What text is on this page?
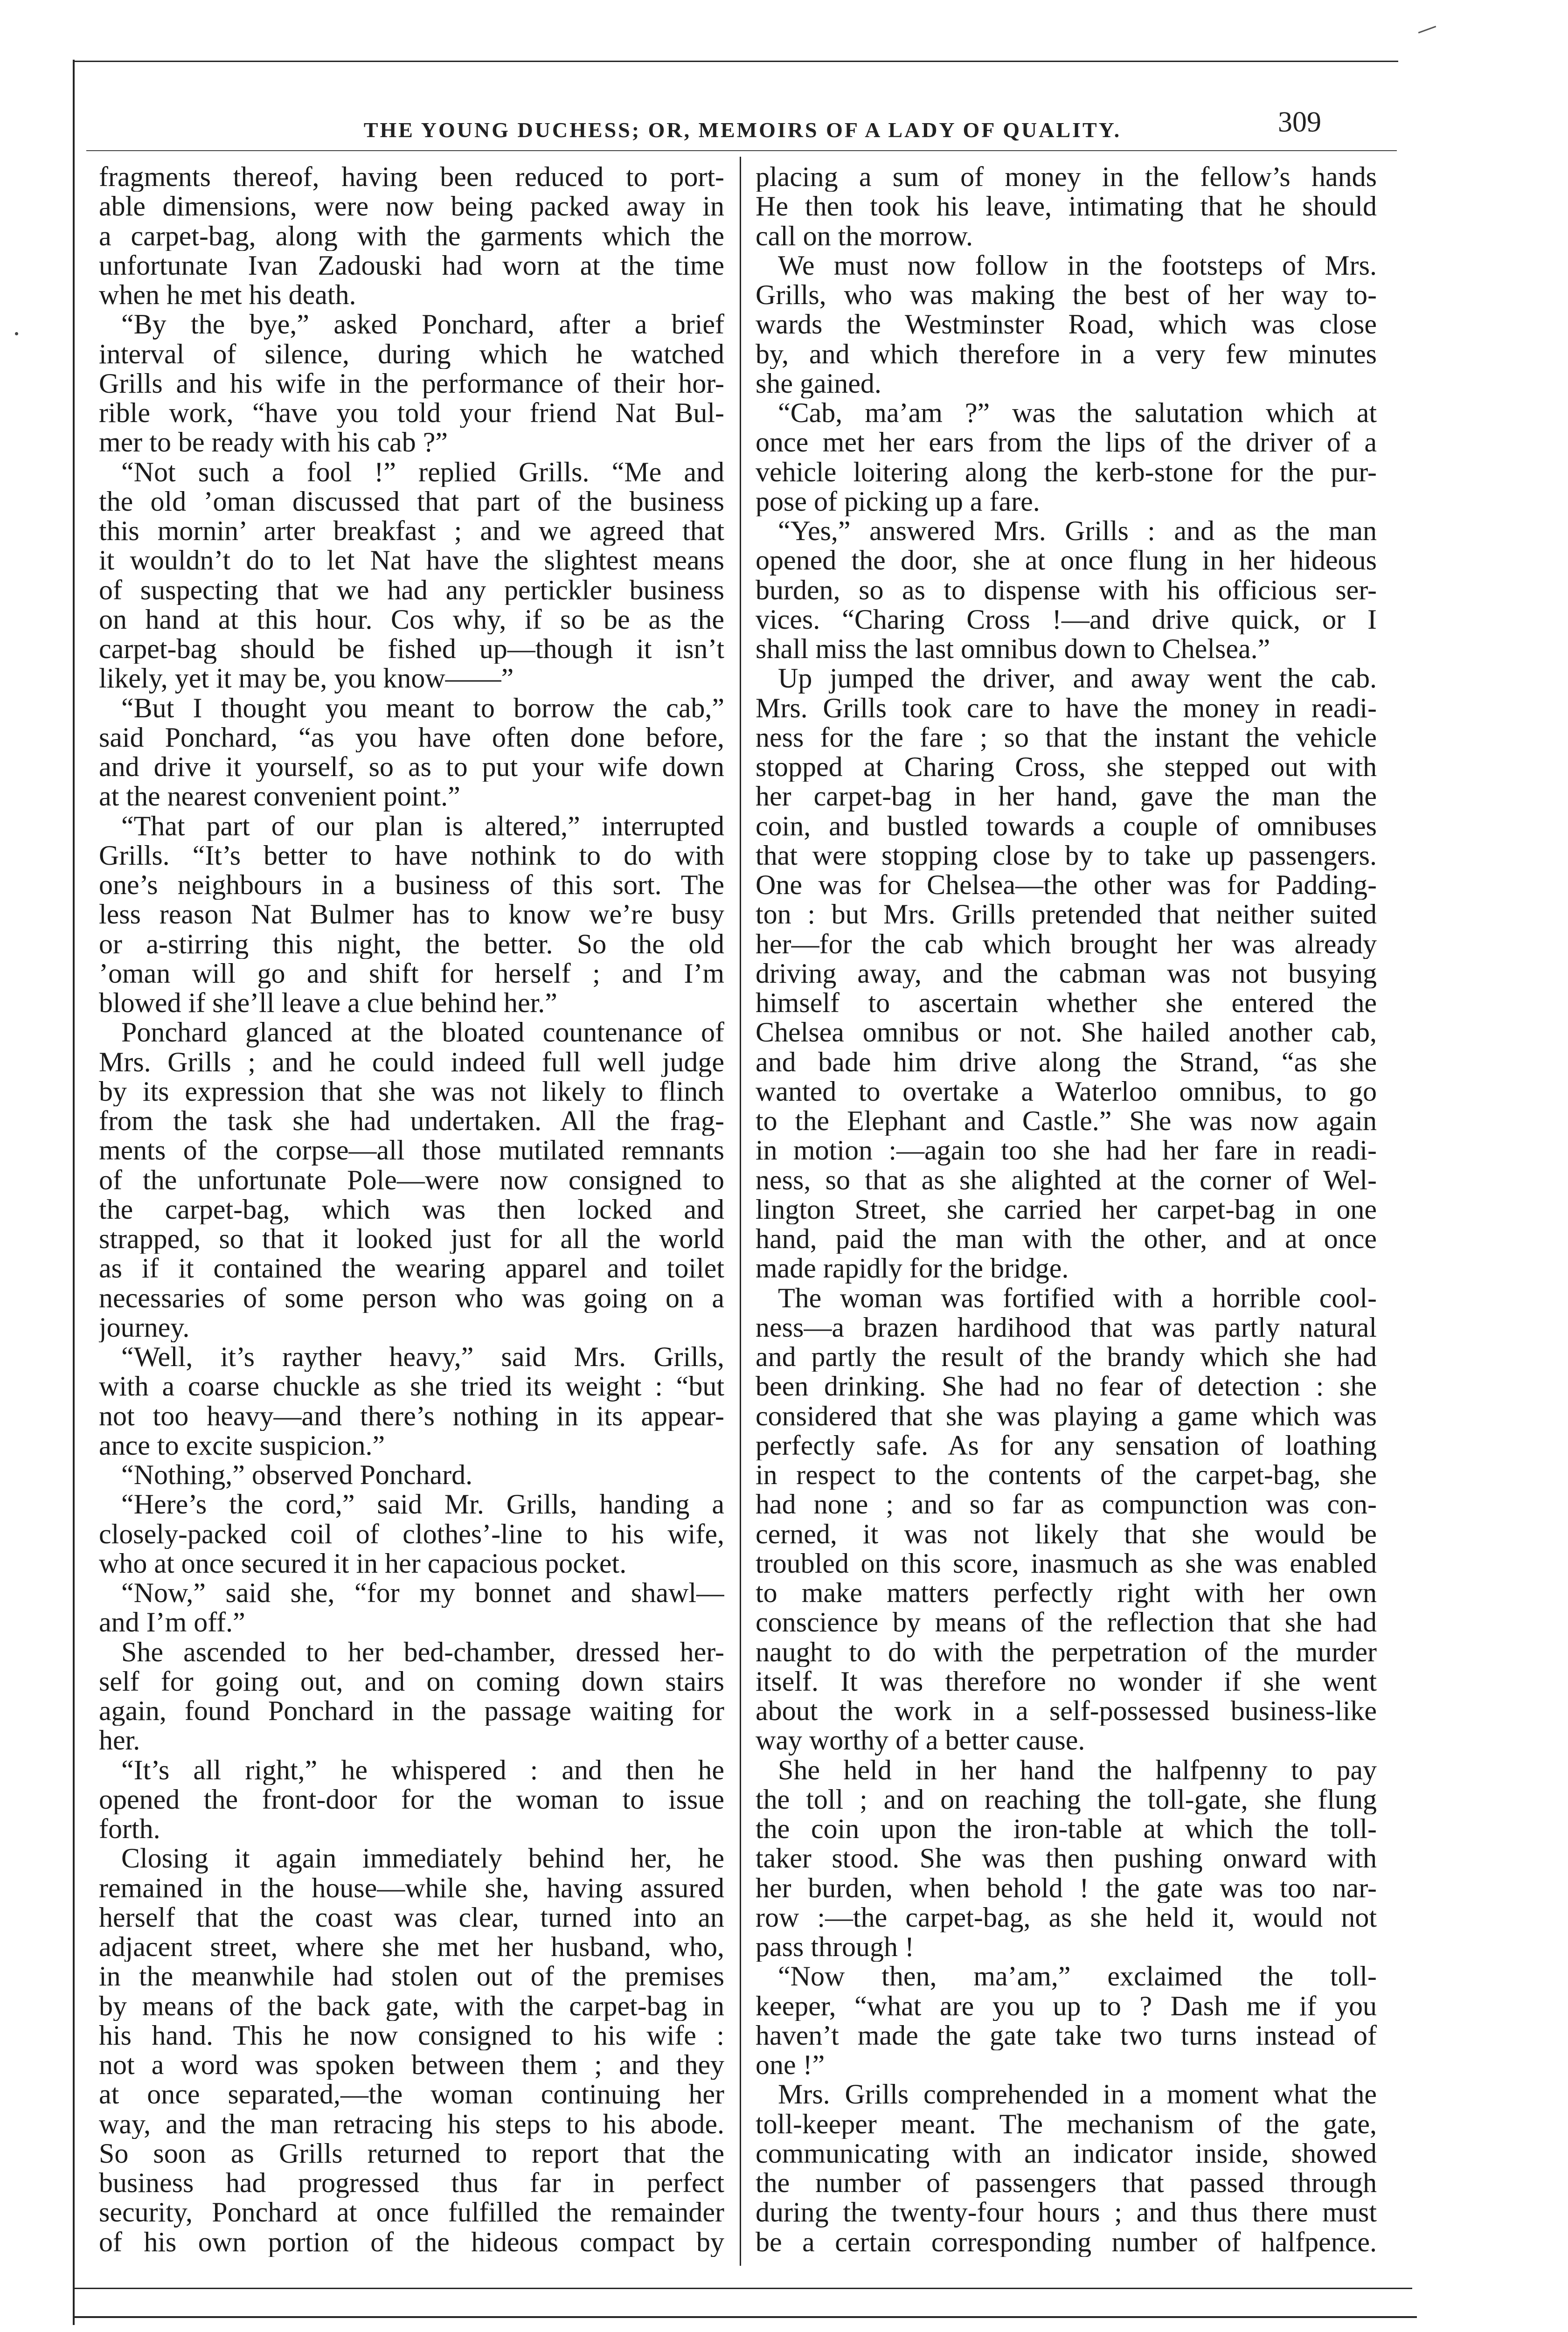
THE YOUNG DUCHESS; OR, MEMOIRS OF A LADY OF QUALITY.	309
fragments thereof, having been reduced to port-
able dimensions, were now being packed away in
a carpet-bag, along with the garments which the
unfortunate Ivan Zadouski had worn at the time
when he met his death.
“By the bye,” asked Ponchard, after a brief
interval of silence, during which he watched
Grills and his wife in the performance of their hor-
rible work, “have you told your friend Nat Bul-
mer to be ready with his cab ?”
“Not such a fool !” replied Grills. “Me and
the old ’oman discussed that part of the business
this mornin’ arter breakfast ; and we agreed that
it wouldn’t do to let Nat have the slightest means
of suspecting that we had any pertickler business
on hand at this hour. Cos why, if so be as the
carpet-bag should be fished up—though it isn’t
likely, yet it may be, you know——”
“But I thought you meant to borrow the cab,”
said Ponchard, “as you have often done before,
and drive it yourself, so as to put your wife down
at the nearest convenient point.”
“That part of our plan is altered,” interrupted
Grills. “It’s better to have nothink to do with
one’s neighbours in a business of this sort. The
less reason Nat Bulmer has to know we’re busy
or a-stirring this night, the better. So the old
’oman will go and shift for herself ; and I’m
blowed if she’ll leave a clue behind her.”
Ponchard glanced at the bloated countenance of
Mrs. Grills ; and he could indeed full well judge
by its expression that she was not likely to flinch
from the task she had undertaken. All the frag-
ments of the corpse—all those mutilated remnants
of the unfortunate Pole—were now consigned to
the carpet-bag, which was then locked and
strapped, so that it looked just for all the world
as if it contained the wearing apparel and toilet
necessaries of some person who was going on a
journey.
“Well, it’s rayther heavy,” said Mrs. Grills,
with a coarse chuckle as she tried its weight : “but
not too heavy—and there’s nothing in its appear-
ance to excite suspicion.”
“Nothing,” observed Ponchard.
“Here’s the cord,” said Mr. Grills, handing a
closely-packed coil of clothes’-line to his wife,
who at once secured it in her capacious pocket.
“Now,” said she, “for my bonnet and shawl—
and I’m off.”
She ascended to her bed-chamber, dressed her-
self for going out, and on coming down stairs
again, found Ponchard in the passage waiting for
her.
“It’s all right,” he whispered : and then he
opened the front-door for the woman to issue
forth.
Closing it again immediately behind her, he
remained in the house—while she, having assured
herself that the coast was clear, turned into an
adjacent street, where she met her husband, who,
in the meanwhile had stolen out of the premises
by means of the back gate, with the carpet-bag in
his hand. This he now consigned to his wife :
not a word was spoken between them ; and they
at once separated,—the woman continuing her
way, and the man retracing his steps to his abode.
So soon as Grills returned to report that the
business had progressed thus far in perfect
security, Ponchard at once fulfilled the remainder
of his own portion of the hideous compact by
placing a sum of money in the fellow’s hands
He then took his leave, intimating that he should
call on the morrow.
We must now follow in the footsteps of Mrs.
Grills, who was making the best of her way to-
wards the Westminster Road, which was close
by, and which therefore in a very few minutes
she gained.
“Cab, ma’am ?” was the salutation which at
once met her ears from the lips of the driver of a
vehicle loitering along the kerb-stone for the pur-
pose of picking up a fare.
“Yes,” answered Mrs. Grills : and as the man
opened the door, she at once flung in her hideous
burden, so as to dispense with his officious ser-
vices. “Charing Cross !—and drive quick, or I
shall miss the last omnibus down to Chelsea.”
Up jumped the driver, and away went the cab.
Mrs. Grills took care to have the money in readi-
ness for the fare ; so that the instant the vehicle
stopped at Charing Cross, she stepped out with
her carpet-bag in her hand, gave the man the
coin, and bustled towards a couple of omnibuses
that were stopping close by to take up passengers.
One was for Chelsea—the other was for Padding-
ton : but Mrs. Grills pretended that neither suited
her—for the cab which brought her was already
driving away, and the cabman was not busying
himself to ascertain whether she entered the
Chelsea omnibus or not. She hailed another cab,
and bade him drive along the Strand, “as she
wanted to overtake a Waterloo omnibus, to go
to the Elephant and Castle.” She was now again
in motion :—again too she had her fare in readi-
ness, so that as she alighted at the corner of Wel-
lington Street, she carried her carpet-bag in one
hand, paid the man with the other, and at once
made rapidly for the bridge.
The woman was fortified with a horrible cool-
ness—a brazen hardihood that was partly natural
and partly the result of the brandy which she had
been drinking. She had no fear of detection : she
considered that she was playing a game which was
perfectly safe. As for any sensation of loathing
in respect to the contents of the carpet-bag, she
had none ; and so far as compunction was con-
cerned, it was not likely that she would be
troubled on this score, inasmuch as she was enabled
to make matters perfectly right with her own
conscience by means of the reflection that she had
naught to do with the perpetration of the murder
itself. It was therefore no wonder if she went
about the work in a self-possessed business-like
way worthy of a better cause.
She held in her hand the halfpenny to pay
the toll ; and on reaching the toll-gate, she flung
the coin upon the iron-table at which the toll-
taker stood. She was then pushing onward with
her burden, when behold ! the gate was too nar-
row :—the carpet-bag, as she held it, would not
pass through !
“Now then, ma’am,” exclaimed the toll-
keeper, “what are you up to ? Dash me if you
haven’t made the gate take two turns instead of
one !”
Mrs. Grills comprehended in a moment what the
toll-keeper meant. The mechanism of the gate,
communicating with an indicator inside, showed
the number of passengers that passed through
during the twenty-four hours ; and thus there must
be a certain corresponding number of halfpence.
